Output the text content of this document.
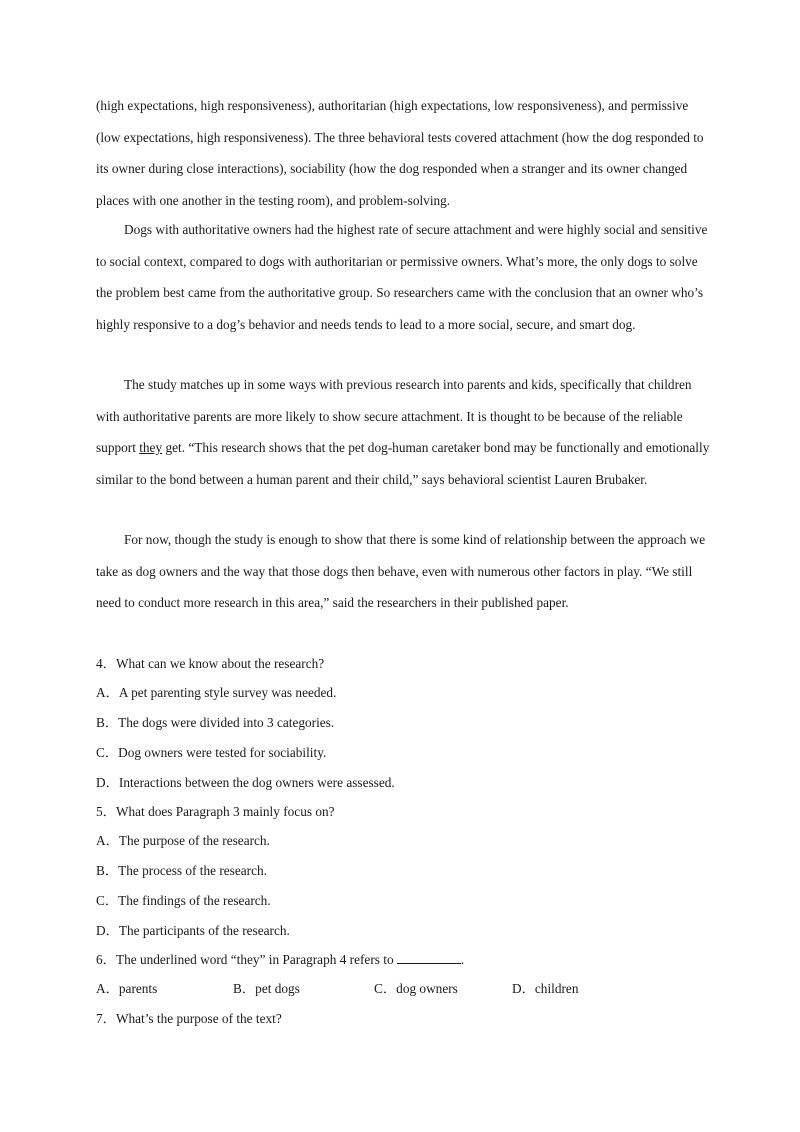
(high expectations, high responsiveness), authoritarian (high expectations, low responsiveness), and permissive (low expectations, high responsiveness). The three behavioral tests covered attachment (how the dog responded to its owner during close interactions), sociability (how the dog responded when a stranger and its owner changed places with one another in the testing room), and problem-solving.

Dogs with authoritative owners had the highest rate of secure attachment and were highly social and sensitive to social context, compared to dogs with authoritarian or permissive owners. What’s more, the only dogs to solve the problem best came from the authoritative group. So researchers came with the conclusion that an owner who’s highly responsive to a dog’s behavior and needs tends to lead to a more social, secure, and smart dog.

The study matches up in some ways with previous research into parents and kids, specifically that children with authoritative parents are more likely to show secure attachment. It is thought to be because of the reliable support they get. “This research shows that the pet dog-human caretaker bond may be functionally and emotionally similar to the bond between a human parent and their child,” says behavioral scientist Lauren Brubaker.

For now, though the study is enough to show that there is some kind of relationship between the approach we take as dog owners and the way that those dogs then behave, even with numerous other factors in play. “We still need to conduct more research in this area,” said the researchers in their published paper.

4．What can we know about the research?

A．A pet parenting style survey was needed.

B．The dogs were divided into 3 categories.

C．Dog owners were tested for sociability.

D．Interactions between the dog owners were assessed.

5．What does Paragraph 3 mainly focus on?

A．The purpose of the research.

B．The process of the research.

C．The findings of the research.

D．The participants of the research.

6．The underlined word “they” in Paragraph 4 refers to	.

A．parents	B．pet dogs	C．dog owners	D．children

7．What’s the purpose of the text?
